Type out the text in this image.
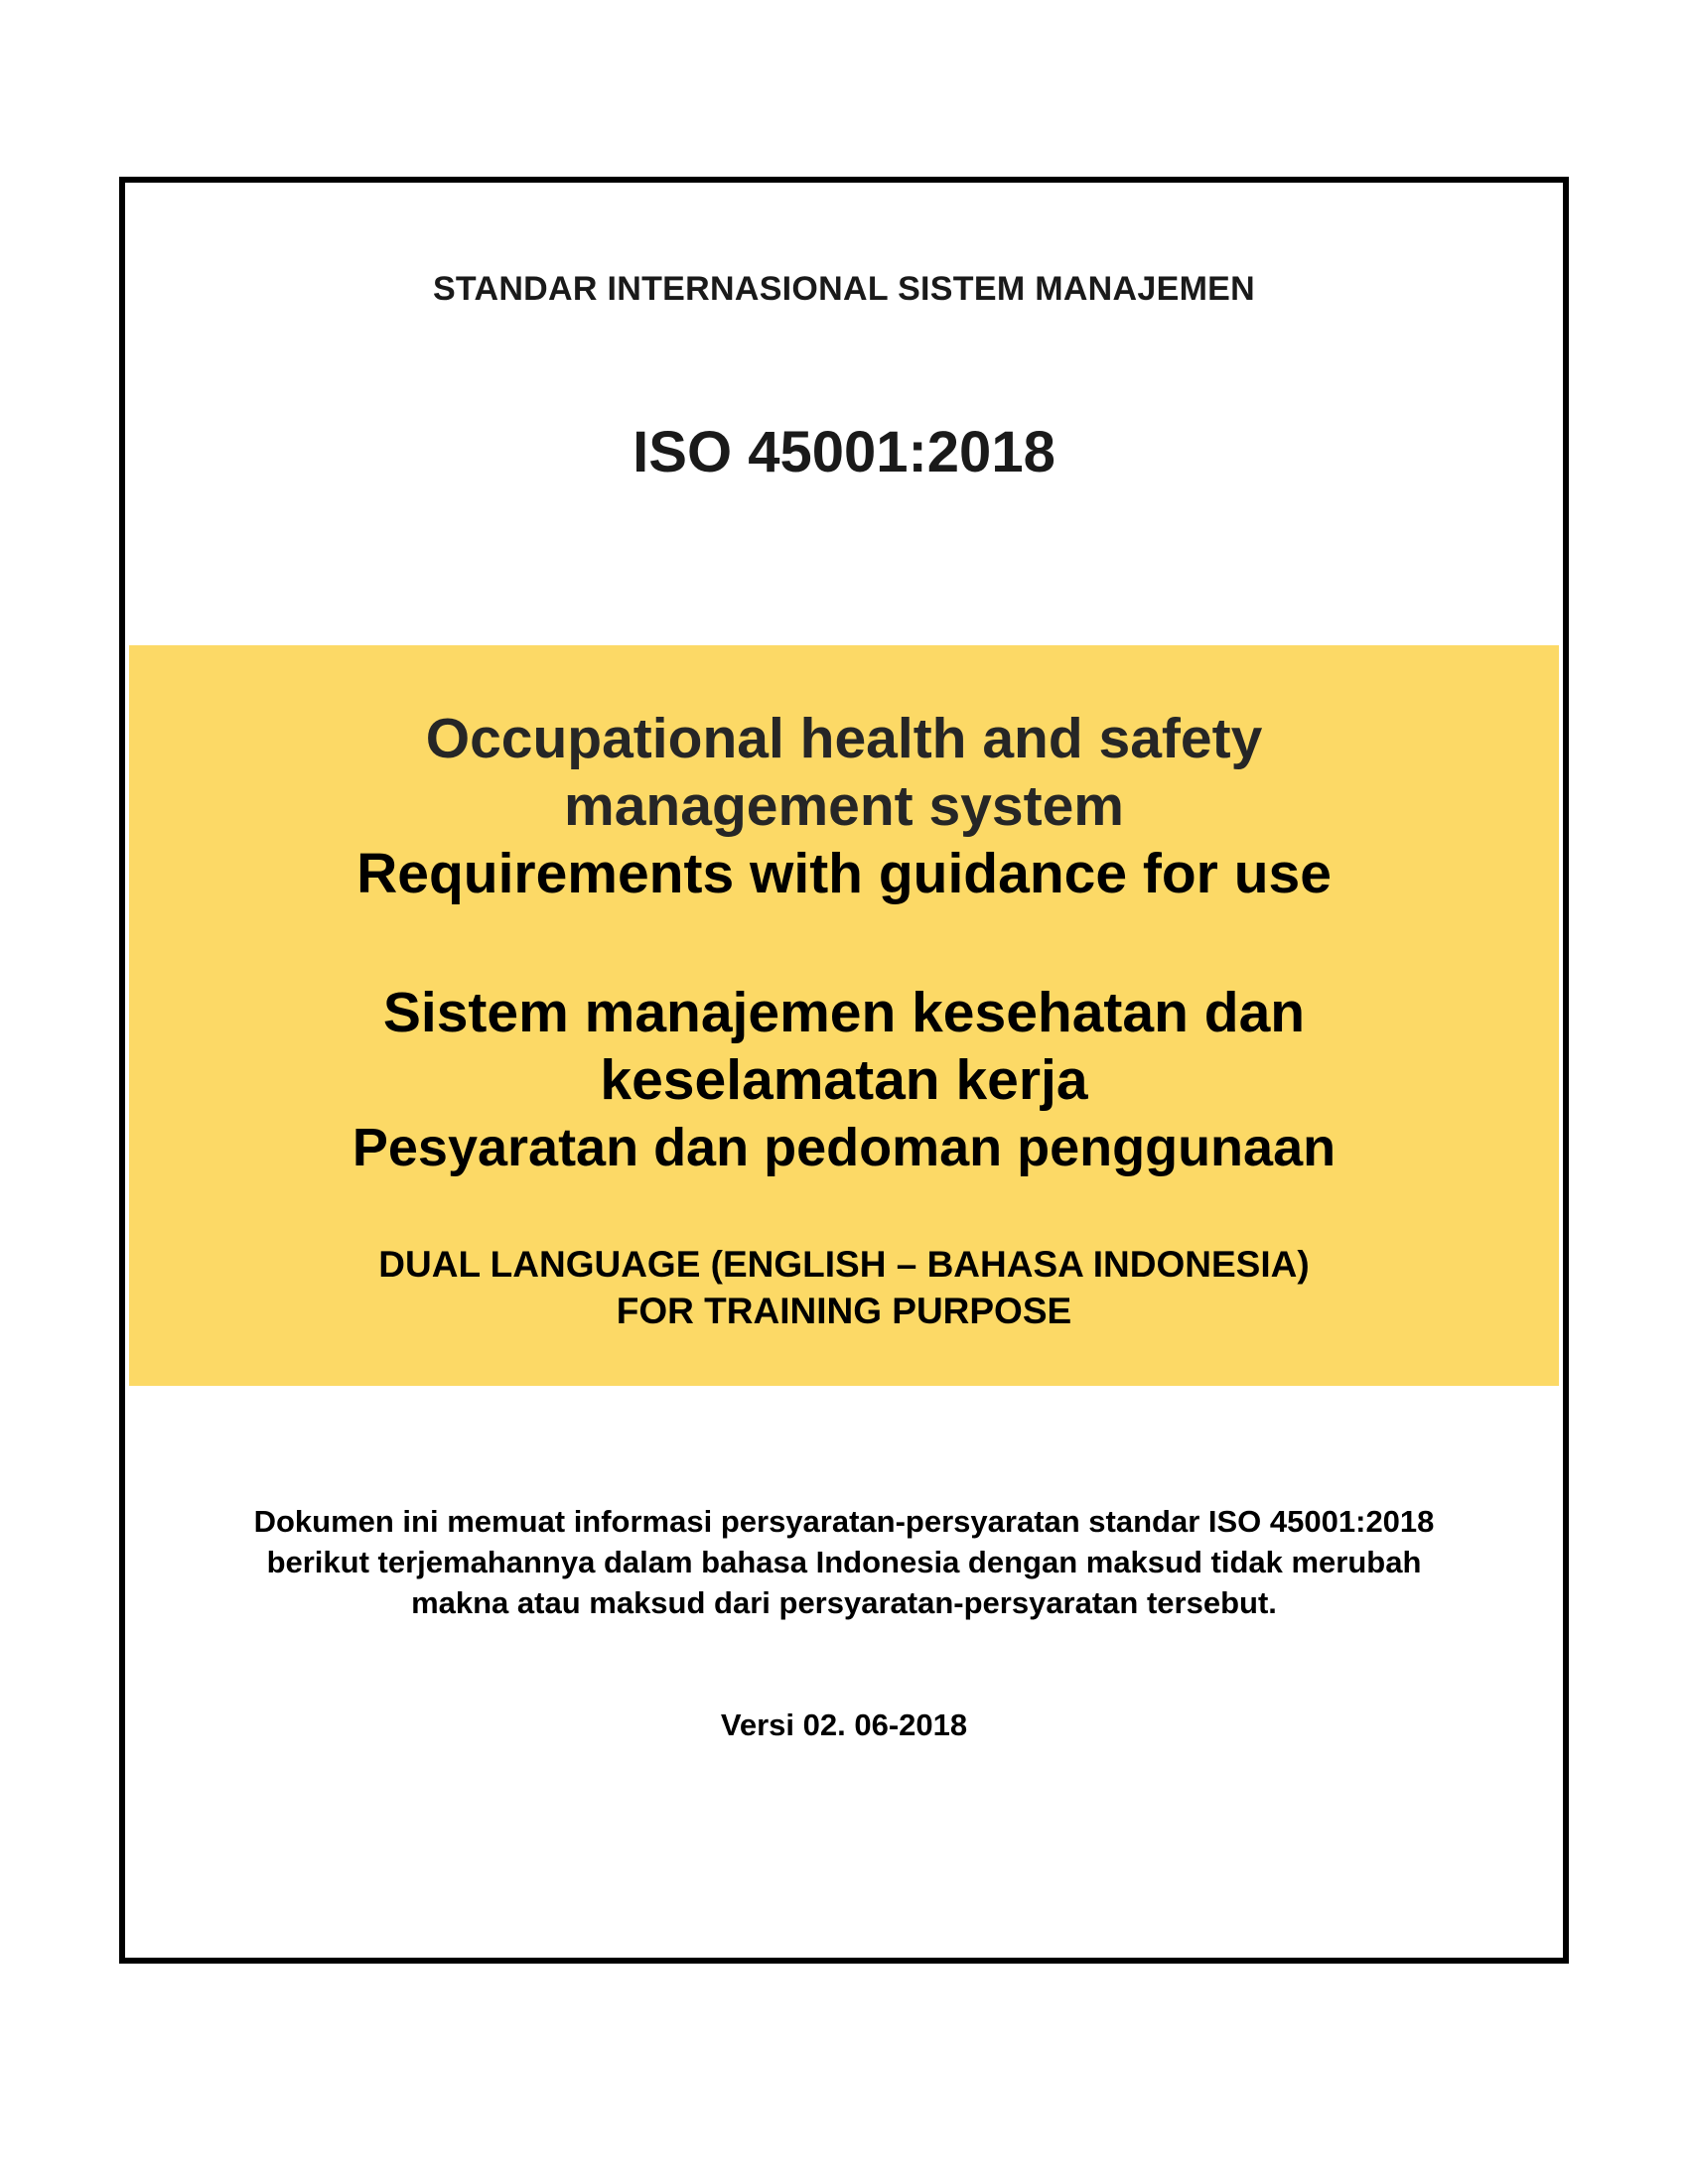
STANDAR INTERNASIONAL SISTEM MANAJEMEN
ISO 45001:2018
Occupational health and safety
management system
Requirements with guidance for use
Sistem manajemen kesehatan dan
keselamatan kerja
Pesyaratan dan pedoman penggunaan
DUAL LANGUAGE (ENGLISH – BAHASA INDONESIA)
FOR TRAINING PURPOSE
Dokumen ini memuat informasi persyaratan-persyaratan standar ISO 45001:2018
berikut terjemahannya dalam bahasa Indonesia dengan maksud tidak merubah
makna atau maksud dari persyaratan-persyaratan tersebut.
Versi 02. 06-2018
